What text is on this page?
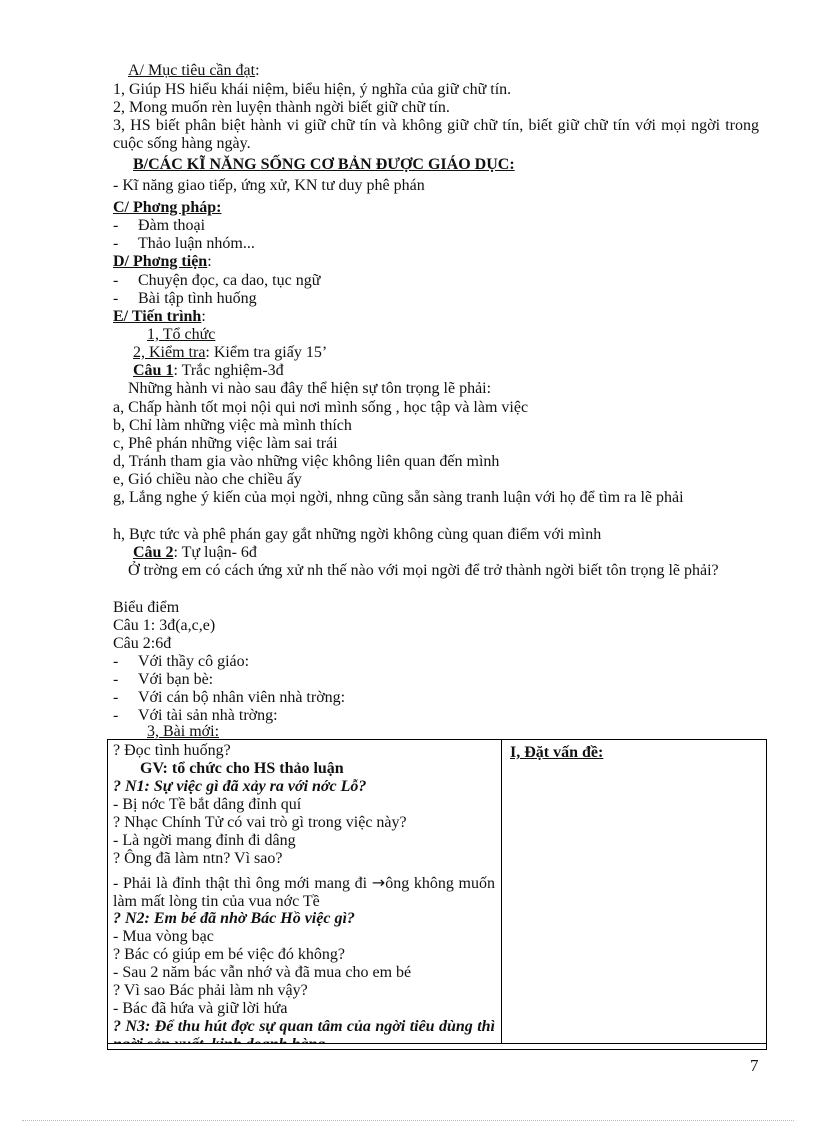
A/ Mục tiêu cần đạt:
1, Giúp HS hiểu khái niệm, biểu hiện, ý nghĩa của giữ chữ tín.
2, Mong muốn rèn luyện thành ngời biết giữ chữ tín.
3, HS biết phân biệt hành vi giữ chữ tín và không giữ chữ tín, biết giữ chữ tín với mọi ngời trong cuộc sống hàng ngày.
B/CÁC KĨ NĂNG SỐNG CƠ BẢN ĐƯỢC GIÁO DỤC:
- Kĩ năng giao tiếp, ứng xử, KN tư duy phê phán
C/ Phơng pháp:
- Đàm thoại
- Thảo luận nhóm...
D/ Phơng tiện:
- Chuyện đọc, ca dao, tục ngữ
- Bài tập tình huống
E/ Tiến trình:
1, Tổ chức
2, Kiểm tra: Kiểm tra giấy 15’
Câu 1: Trắc nghiệm-3đ
Những hành vi nào sau đây thể hiện sự tôn trọng lẽ phải:
a, Chấp hành tốt mọi nội qui nơi mình sống , học tập và làm việc
b, Chỉ làm những việc mà mình thích
c, Phê phán những việc làm sai trái
d, Tránh tham gia vào những việc không liên quan đến mình
e, Gió chiều nào che chiều ấy
g, Lắng nghe ý kiến của mọi ngời, nhng cũng sẵn sàng tranh luận với họ để tìm ra lẽ phải
h, Bực tức và phê phán gay gắt những ngời không cùng quan điểm với mình
Câu 2: Tự luận- 6đ
Ở trờng em có cách ứng xử nh thế nào với mọi ngời để trở thành ngời biết tôn trọng lẽ phải?
Biểu điểm
Câu 1: 3đ(a,c,e)
Câu 2:6đ
- Với thầy cô giáo:
- Với bạn bè:
- Với cán bộ nhân viên nhà trờng:
- Với tài sản nhà trờng:
3, Bài mới:
? Đọc tình huống?
GV: tổ chức cho HS thảo luận
? N1: Sự việc gì đã xảy ra với nớc Lỗ?
- Bị nớc Tề bắt dâng đỉnh quí
? Nhạc Chính Tử có vai trò gì trong việc này?
- Là ngời mang đỉnh đi dâng
? Ông đã làm ntn? Vì sao?
- Phải là đỉnh thật thì ông mới mang đi →ông không muốn làm mất lòng tin của vua nớc Tề
? N2: Em bé đã nhờ Bác Hồ việc gì?
- Mua vòng bạc
? Bác có giúp em bé việc đó không?
- Sau 2 năm bác vẫn nhớ và đã mua cho em bé
? Vì sao Bác phải làm nh vậy?
- Bác đã hứa và giữ lời hứa
? N3: Để thu hút đợc sự quan tâm của ngời tiêu dùng thì
I, Đặt vấn đề:
7
